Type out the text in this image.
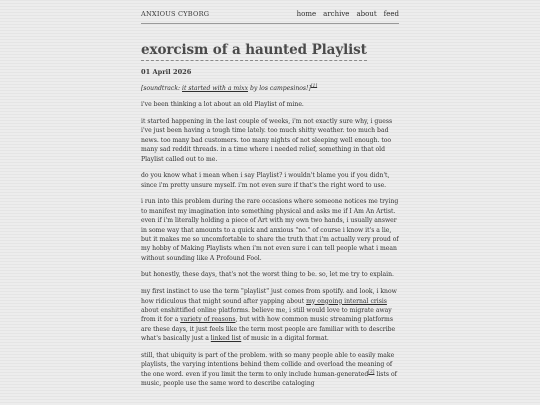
ANXIOUS CYBORG	home archive about feed
exorcism of a haunted Playlist
01 April 2026

[soundtrack: it started with a mixx by los campesinos!][1]

i've been thinking a lot about an old Playlist of mine.

it started happening in the last couple of weeks, i'm not exactly sure why, i guess i've just been having a tough time lately. too much shitty weather. too much bad news. too many bad customers. too many nights of not sleeping well enough. too many sad reddit threads. in a time where i needed relief, something in that old Playlist called out to me.

do you know what i mean when i say Playlist? i wouldn't blame you if you didn't, since i'm pretty unsure myself. i'm not even sure if that's the right word to use.

i run into this problem during the rare occasions where someone notices me trying to manifest my imagination into something physical and asks me if I Am An Artist. even if i'm literally holding a piece of Art with my own two hands, i usually answer in some way that amounts to a quick and anxious "no." of course i know it's a lie, but it makes me so uncomfortable to share the truth that i'm actually very proud of my hobby of Making Playlists when i'm not even sure i can tell people what i mean without sounding like A Profound Fool.

but honestly, these days, that's not the worst thing to be. so, let me try to explain.

my first instinct to use the term "playlist" just comes from spotify. and look, i know how ridiculous that might sound after yapping about my ongoing internal crisis about enshittified online platforms. believe me, i still would love to migrate away from it for a variety of reasons, but with how common music streaming platforms are these days, it just feels like the term most people are familiar with to describe what's basically just a linked list of music in a digital format.

still, that ubiquity is part of the problem. with so many people able to easily make playlists, the varying intentions behind them collide and overload the meaning of the one word. even if you limit the term to only include human-generated[2] lists of music, people use the same word to describe cataloging
